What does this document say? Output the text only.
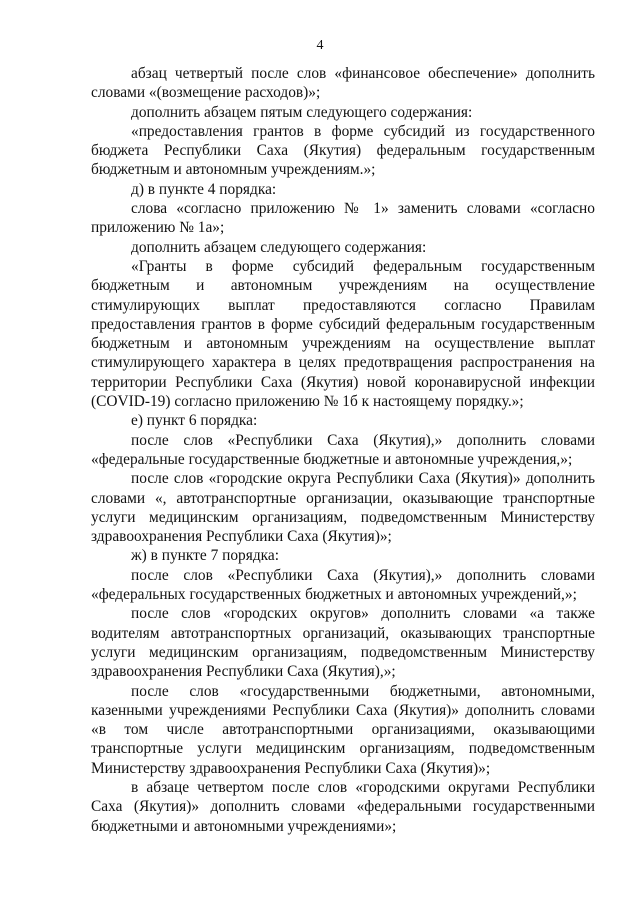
4

абзац четвертый после слов «финансовое обеспечение» дополнить словами «(возмещение расходов)»;

дополнить абзацем пятым следующего содержания:

«предоставления грантов в форме субсидий из государственного бюджета Республики Саха (Якутия) федеральным государственным бюджетным и автономным учреждениям.»;

д) в пункте 4 порядка:

слова «согласно приложению № 1» заменить словами «согласно приложению № 1а»;

дополнить абзацем следующего содержания:

«Гранты в форме субсидий федеральным государственным бюджетным и автономным учреждениям на осуществление стимулирующих выплат предоставляются согласно Правилам предоставления грантов в форме субсидий федеральным государственным бюджетным и автономным учреждениям на осуществление выплат стимулирующего характера в целях предотвращения распространения на территории Республики Саха (Якутия) новой коронавирусной инфекции (COVID-19) согласно приложению № 1б к настоящему порядку.»;

е) пункт 6 порядка:

после слов «Республики Саха (Якутия),» дополнить словами «федеральные государственные бюджетные и автономные учреждения,»;

после слов «городские округа Республики Саха (Якутия)» дополнить словами «, автотранспортные организации, оказывающие транспортные услуги медицинским организациям, подведомственным Министерству здравоохранения Республики Саха (Якутия)»;

ж) в пункте 7 порядка:

после слов «Республики Саха (Якутия),» дополнить словами «федеральных государственных бюджетных и автономных учреждений,»;

после слов «городских округов» дополнить словами «а также водителям автотранспортных организаций, оказывающих транспортные услуги медицинским организациям, подведомственным Министерству здравоохранения Республики Саха (Якутия),»;

после слов «государственными бюджетными, автономными, казенными учреждениями Республики Саха (Якутия)» дополнить словами «в том числе автотранспортными организациями, оказывающими транспортные услуги медицинским организациям, подведомственным Министерству здравоохранения Республики Саха (Якутия)»;

в абзаце четвертом после слов «городскими округами Республики Саха (Якутия)» дополнить словами «федеральными государственными бюджетными и автономными учреждениями»;
